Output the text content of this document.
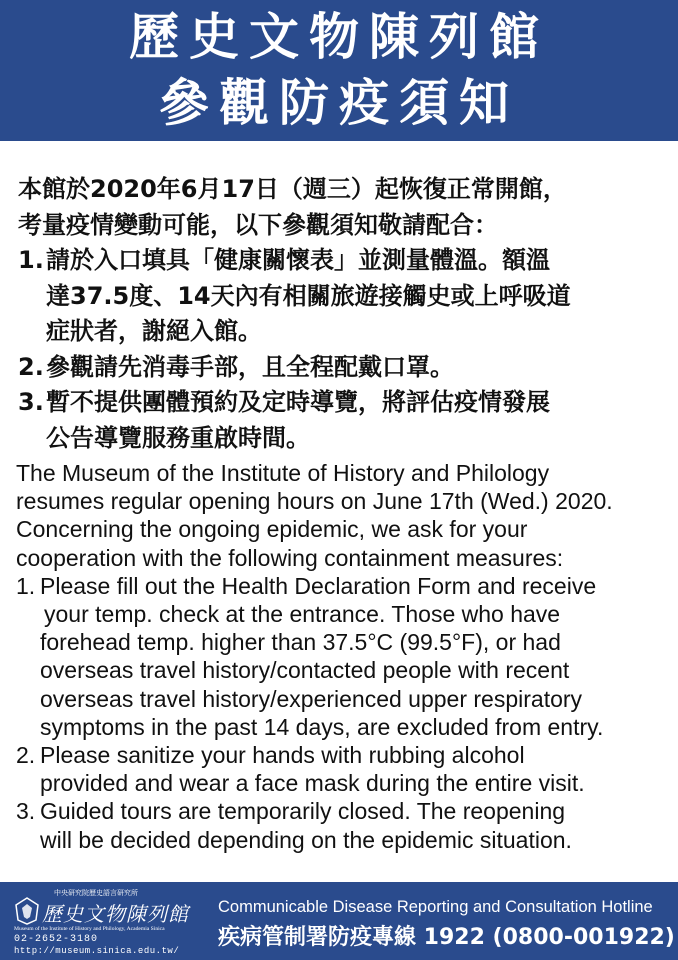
歷史文物陳列館
參觀防疫須知

本館於2020年6月17日（週三）起恢復正常開館，

考量疫情變動可能，以下參觀須知敬請配合：

1. 請於入口填具「健康關懷表」並測量體溫。額溫

達37.5度、14天內有相關旅遊接觸史或上呼吸道

症狀者，謝絕入館。

2. 參觀請先消毒手部，且全程配戴口罩。

3. 暫不提供團體預約及定時導覽，將評估疫情發展

公告導覽服務重啟時間。

The Museum of the Institute of History and Philology

resumes regular opening hours on June 17th (Wed.) 2020.

Concerning the ongoing epidemic, we ask for your

cooperation with the following containment measures:

1. Please fill out the Health Declaration Form and receive

your temp. check at the entrance. Those who have

forehead temp. higher than 37.5°C (99.5°F), or had

overseas travel history/contacted people with recent

overseas travel history/experienced upper respiratory

symptoms in the past 14 days, are excluded from entry.

2. Please sanitize your hands with rubbing alcohol

provided and wear a face mask during the entire visit.

3. Guided tours are temporarily closed. The reopening

will be decided depending on the epidemic situation.

中央研究院歷史語言研究所
歷史文物陳列館
Museum of the Institute of History and Philology, Academia Sinica
02-2652-3180
http://museum.sinica.edu.tw/
Communicable Disease Reporting and Consultation Hotline
疾病管制署防疫專線 1922 (0800-001922)
